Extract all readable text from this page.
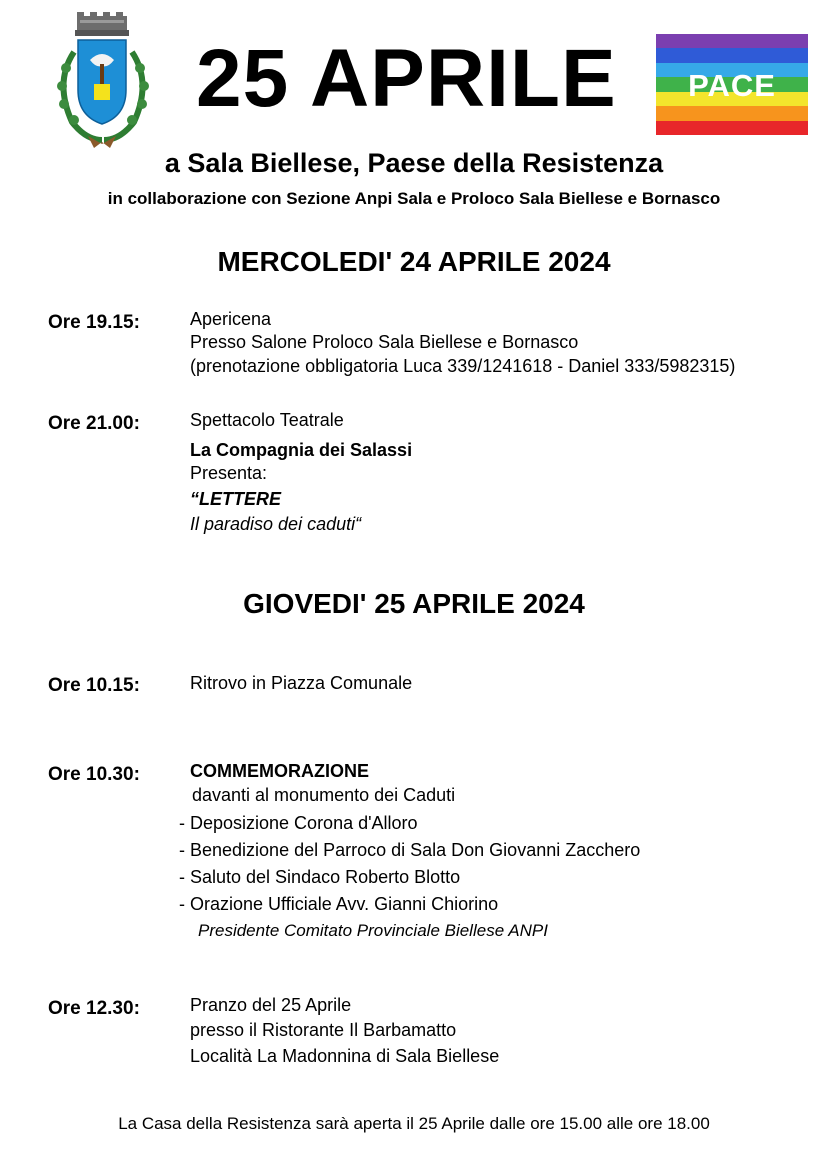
25 APRILE	PACE
a Sala Biellese, Paese della Resistenza
in collaborazione con Sezione Anpi Sala e Proloco Sala Biellese e Bornasco
MERCOLEDI' 24 APRILE 2024
Ore 19.15:	Apericena
Presso Salone Proloco Sala Biellese e Bornasco
(prenotazione obbligatoria Luca 339/1241618 - Daniel 333/5982315)
Ore 21.00:	Spettacolo Teatrale
La Compagnia dei Salassi
Presenta:
“LETTERE
Il paradiso dei caduti“
GIOVEDI' 25 APRILE 2024
Ore 10.15:	Ritrovo in Piazza Comunale
Ore 10.30:	COMMEMORAZIONE
davanti al monumento dei Caduti
- Deposizione Corona d'Alloro
- Benedizione del Parroco di Sala Don Giovanni Zacchero
- Saluto del Sindaco Roberto Blotto
- Orazione Ufficiale Avv. Gianni Chiorino
Presidente Comitato Provinciale Biellese ANPI
Ore 12.30:	Pranzo del 25 Aprile
presso il Ristorante Il Barbamatto
Località La Madonnina di Sala Biellese
La Casa della Resistenza sarà aperta il 25 Aprile dalle ore 15.00 alle ore 18.00
